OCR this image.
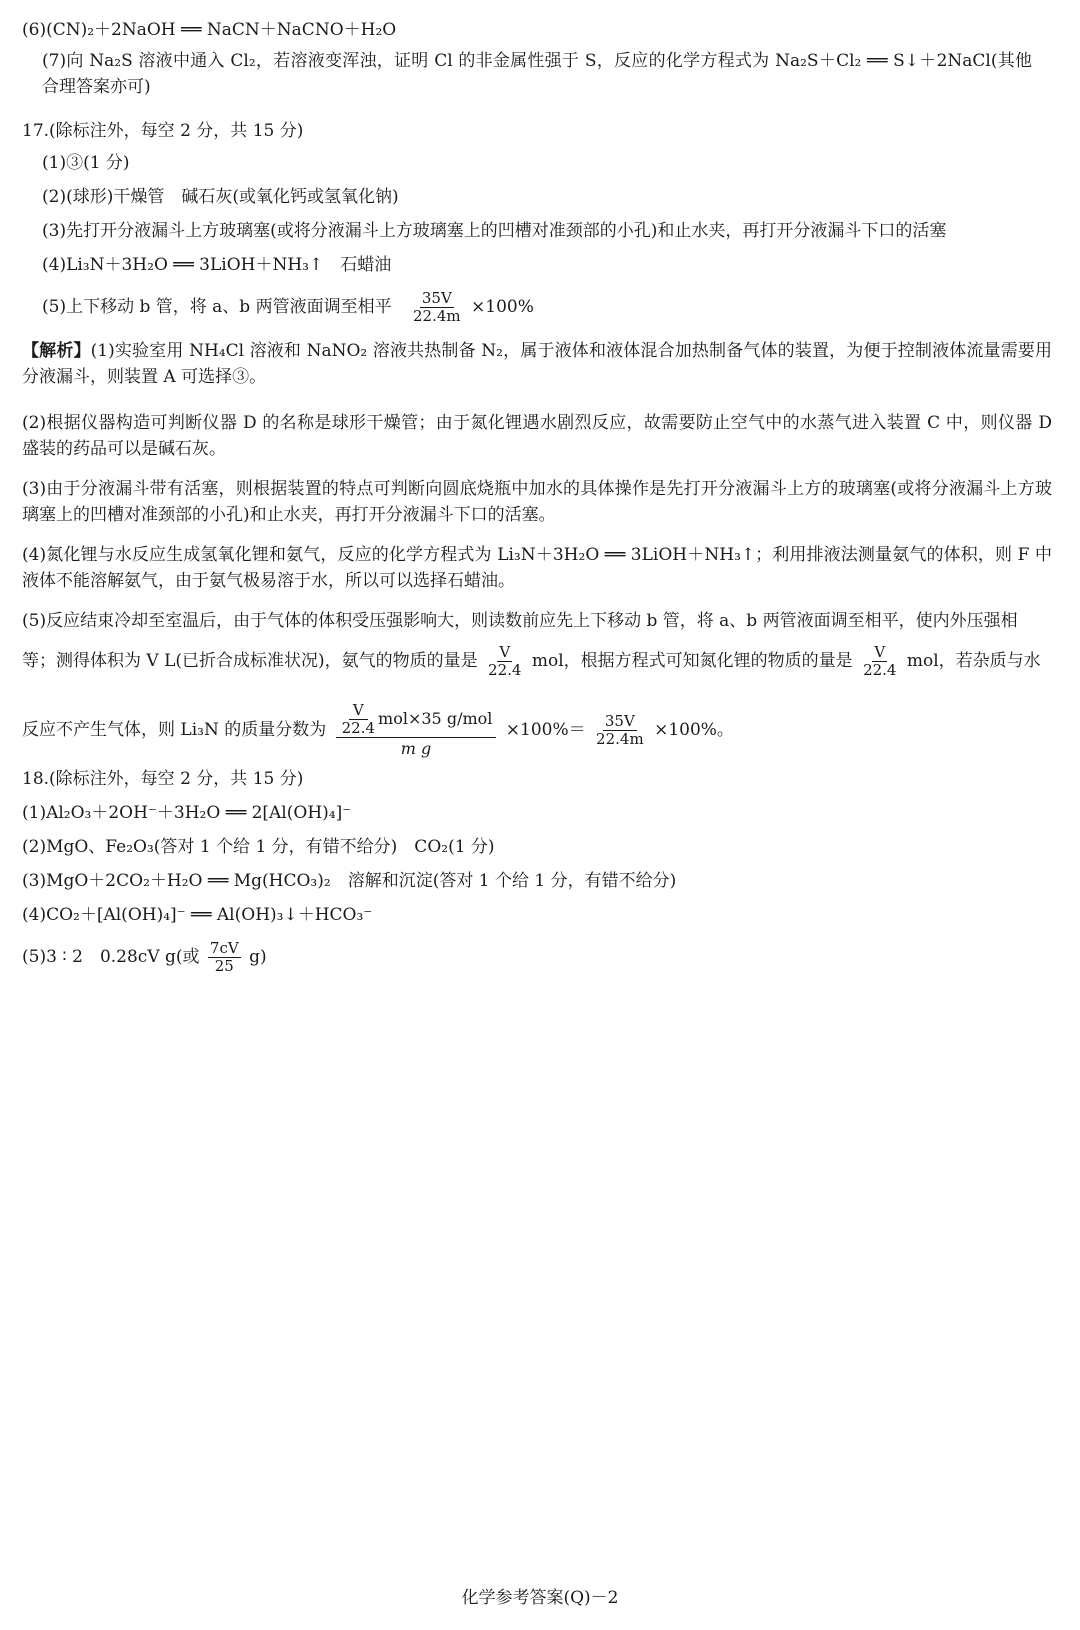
(6)(CN)₂＋2NaOH ══ NaCN＋NaCNO＋H₂O
(7)向 Na₂S 溶液中通入 Cl₂，若溶液变浑浊，证明 Cl 的非金属性强于 S，反应的化学方程式为 Na₂S＋Cl₂ ══ S↓＋2NaCl(其他合理答案亦可)
17.(除标注外，每空 2 分，共 15 分)
(1)③(1 分)
(2)(球形)干燥管　碱石灰(或氧化钙或氢氧化钠)
(3)先打开分液漏斗上方玻璃塞(或将分液漏斗上方玻璃塞上的凹槽对准颈部的小孔)和止水夹，再打开分液漏斗下口的活塞
(4)Li₃N＋3H₂O ══ 3LiOH＋NH₃↑　石蜡油
(5)上下移动 b 管，将 a、b 两管液面调至相平 $\frac{35V}{22.4m} \times 100\%$
【解析】(1)实验室用 NH₄Cl 溶液和 NaNO₂ 溶液共热制备 N₂，属于液体和液体混合加热制备气体的装置，为便于控制液体流量需要用分液漏斗，则装置 A 可选择③。
(2)根据仪器构造可判断仪器 D 的名称是球形干燥管；由于氮化锂遇水剧烈反应，故需要防止空气中的水蒸气进入装置 C 中，则仪器 D 盛装的药品可以是碱石灰。
(3)由于分液漏斗带有活塞，则根据装置的特点可判断向圆底烧瓶中加水的具体操作是先打开分液漏斗上方的玻璃塞(或将分液漏斗上方玻璃塞上的凹槽对准颈部的小孔)和止水夹，再打开分液漏斗下口的活塞。
(4)氮化锂与水反应生成氢氧化锂和氨气，反应的化学方程式为 Li₃N＋3H₂O ══ 3LiOH＋NH₃↑；利用排液法测量氨气的体积，则 F 中液体不能溶解氨气，由于氨气极易溶于水，所以可以选择石蜡油。
(5)反应结束冷却至室温后，由于气体的体积受压强影响大，则读数前应先上下移动 b 管，将 a、b 两管液面调至相平，使内外压强相
等；测得体积为 V L(已折合成标准状况)，氨气的物质的量是 $\frac{V}{22.4}$ mol，根据方程式可知氮化锂的物质的量是 $\frac{V}{22.4}$ mol，若杂质与水
反应不产生气体，则 Li₃N 的质量分数为 $\frac{\frac{V}{22.4} mol\times 35 g/mol}{\text{m g}} \times 100\%= \frac{35V}{22.4m} \times 100\%$。
18.(除标注外，每空 2 分，共 15 分)
(1)Al₂O₃＋2OH⁻＋3H₂O ══ 2[Al(OH)₄]⁻
(2)MgO、Fe₂O₃(答对 1 个给 1 分，有错不给分)　CO₂(1 分)
(3)MgO＋2CO₂＋H₂O ══ Mg(HCO₃)₂　溶解和沉淀(答对 1 个给 1 分，有错不给分)
(4)CO₂＋[Al(OH)₄]⁻ ══ Al(OH)₃↓＋HCO₃⁻
(5)3 ∶ 2　0.28cV g(或 $\frac{7cV}{25} g$)
化学参考答案(Q)－2
